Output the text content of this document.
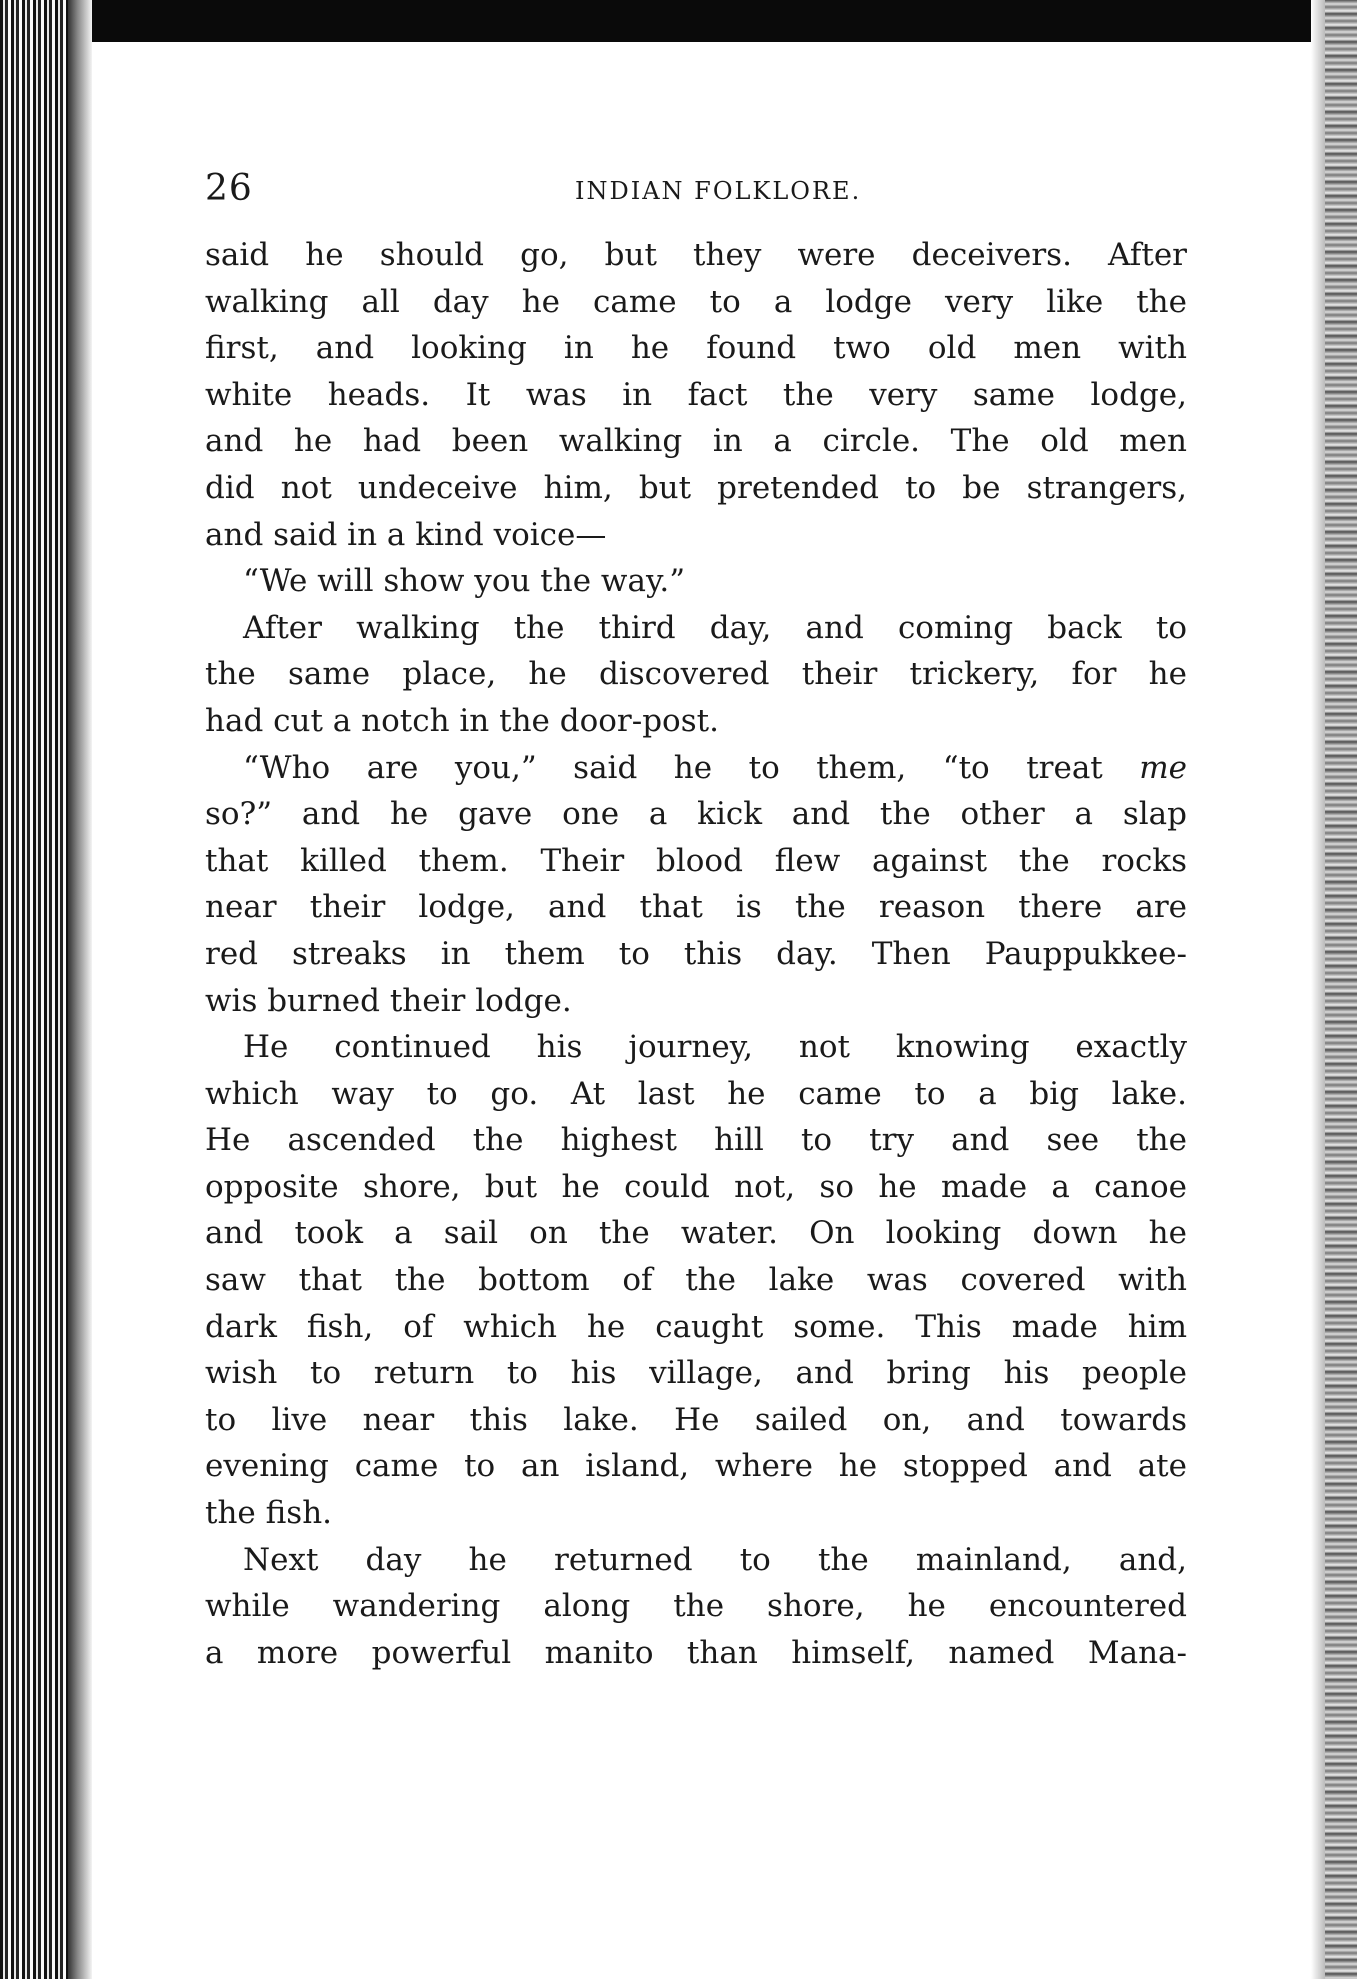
26	INDIAN FOLKLORE.
said he should go, but they were deceivers. After
walking all day he came to a lodge very like the
first, and looking in he found two old men with
white heads. It was in fact the very same lodge,
and he had been walking in a circle. The old men
did not undeceive him, but pretended to be strangers,
and said in a kind voice—
“We will show you the way.”
After walking the third day, and coming back to
the same place, he discovered their trickery, for he
had cut a notch in the door-post.
“Who are you,” said he to them, “to treat me
so?” and he gave one a kick and the other a slap
that killed them. Their blood flew against the rocks
near their lodge, and that is the reason there are
red streaks in them to this day. Then Pauppukkee-
wis burned their lodge.
He continued his journey, not knowing exactly
which way to go. At last he came to a big lake.
He ascended the highest hill to try and see the
opposite shore, but he could not, so he made a canoe
and took a sail on the water. On looking down he
saw that the bottom of the lake was covered with
dark fish, of which he caught some. This made him
wish to return to his village, and bring his people
to live near this lake. He sailed on, and towards
evening came to an island, where he stopped and ate
the fish.
Next day he returned to the mainland, and,
while wandering along the shore, he encountered
a more powerful manito than himself, named Mana-
